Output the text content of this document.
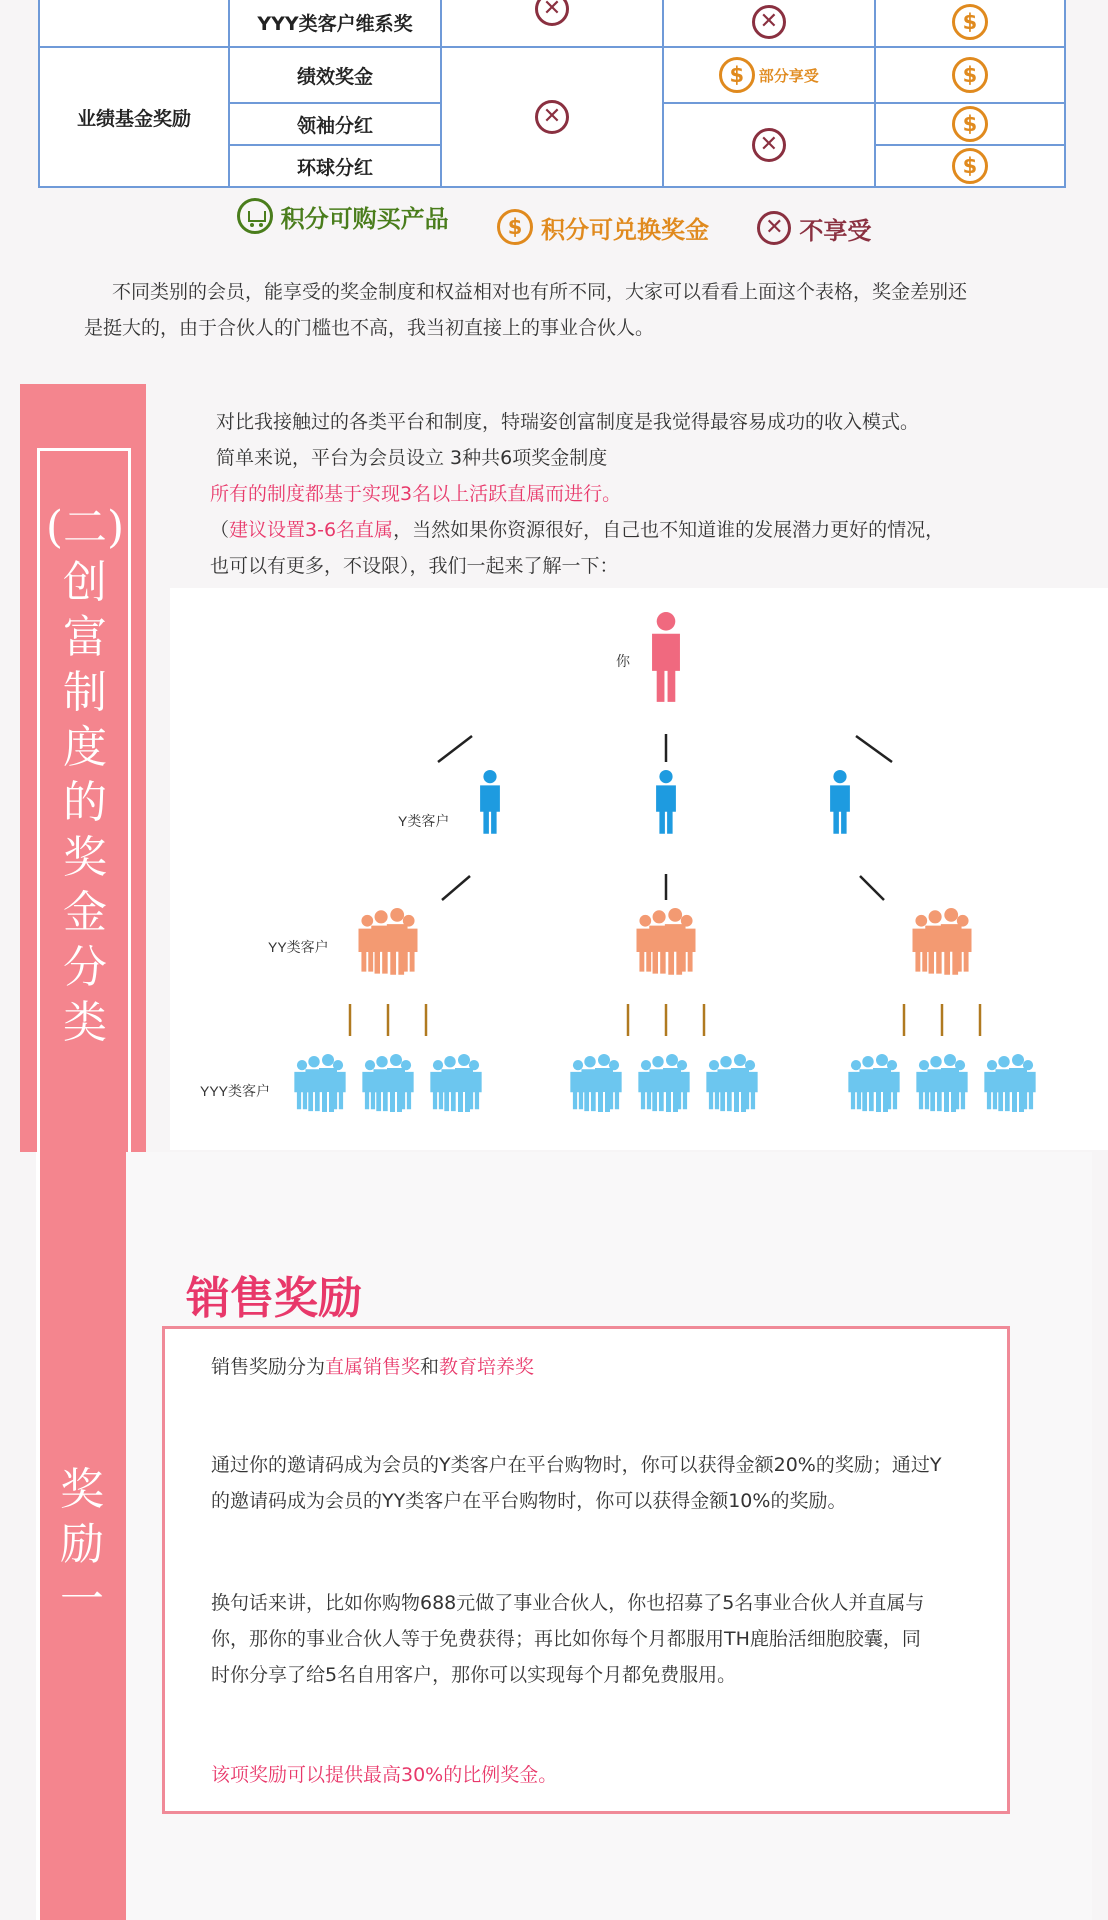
	YYY类客户维系奖	✕	✕	$
业绩基金奖励	绩效奖金	✕	$ 部分享受	$
	领袖分红		✕	$
	环球分红			$
积分可购买产品
	$ 积分可兑换奖金
	✕ 不享受
不同类别的会员，能享受的奖金制度和权益相对也有所不同，大家可以看看上面这个表格，奖金差别还
是挺大的，由于合伙人的门槛也不高，我当初直接上的事业合伙人。
(二)
创
富
制
度
的
奖
金
分
类
对比我接触过的各类平台和制度，特瑞姿创富制度是我觉得最容易成功的收入模式。
简单来说，平台为会员设立 3种共6项奖金制度
所有的制度都基于实现3名以上活跃直属而进行。
（建议设置3-6名直属，当然如果你资源很好，自己也不知道谁的发展潜力更好的情况，
也可以有更多，不设限），我们一起来了解一下：
你
Y类客户
YY类客户
YYY类客户
奖
励
一
销售奖励
销售奖励分为直属销售奖和教育培养奖
通过你的邀请码成为会员的Y类客户在平台购物时，你可以获得金额20%的奖励；通过Y
的邀请码成为会员的YY类客户在平台购物时，你可以获得金额10%的奖励。
换句话来讲，比如你购物688元做了事业合伙人，你也招募了5名事业合伙人并直属与
你，那你的事业合伙人等于免费获得；再比如你每个月都服用TH鹿胎活细胞胶囊，同
时你分享了给5名自用客户，那你可以实现每个月都免费服用。
该项奖励可以提供最高30%的比例奖金。
